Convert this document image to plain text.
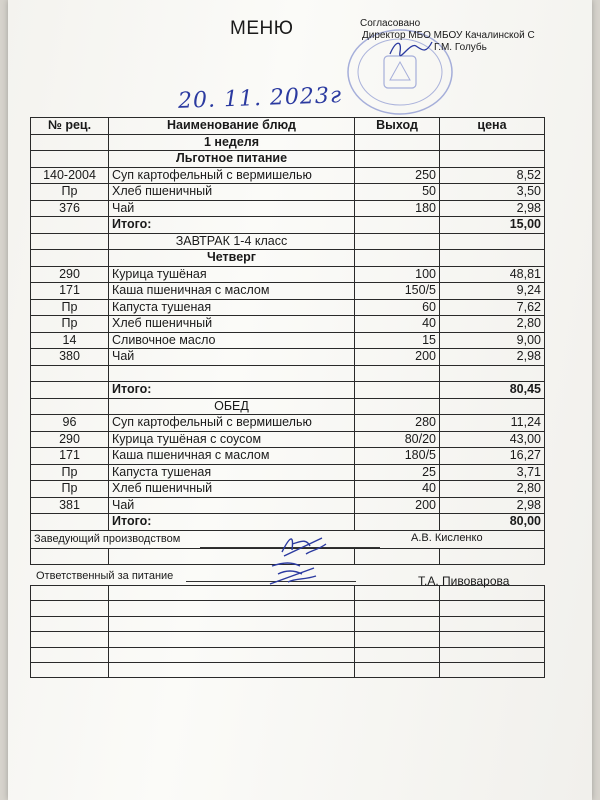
МЕНЮ	Согласовано
Директор МБО МБОУ Качалинской С
Г.М. Голубь
20. 11. 2023г
№ рец.	Наименование блюд	Выход	цена
	1 неделя		
	Льготное питание		
140-2004	Суп картофельный с вермишелью	250	8,52
Пр	Хлеб пшеничный	50	3,50
376	Чай	180	2,98
	Итого:		15,00
	ЗАВТРАК 1-4 класс		
	Четверг		
290	Курица тушёная	100	48,81
171	Каша пшеничная с маслом	150/5	9,24
Пр	Капуста тушеная	60	7,62
Пр	Хлеб пшеничный	40	2,80
14	Сливочное масло	15	9,00
380	Чай	200	2,98

	Итого:		80,45
	ОБЕД		
96	Суп картофельный с вермишелью	280	11,24
290	Курица тушёная с соусом	80/20	43,00
171	Каша пшеничная с маслом	180/5	16,27
Пр	Капуста тушеная	25	3,71
Пр	Хлеб пшеничный	40	2,80
381	Чай	200	2,98
	Итого:		80,00
Заведующий производством А.В. Кисленко			

Ответственный за питание	Т.А. Пивоварова
